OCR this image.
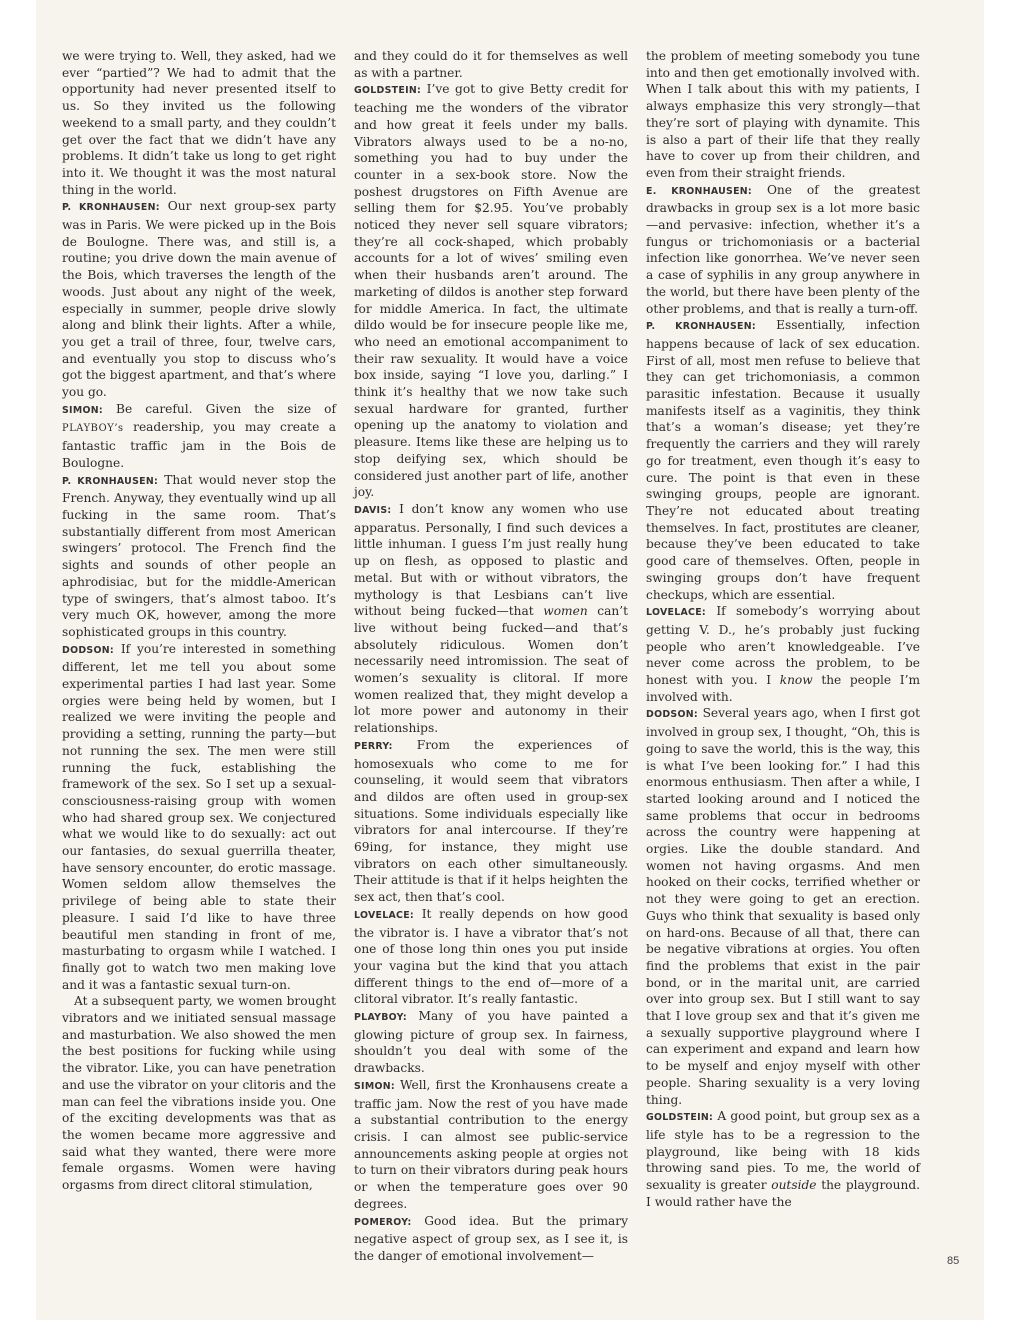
we were trying to. Well, they asked, had we ever “partied”? We had to admit that the opportunity had never presented itself to us. So they invited us the following weekend to a small party, and they couldn’t get over the fact that we didn’t have any problems. It didn’t take us long to get right into it. We thought it was the most natural thing in the world.

P. KRONHAUSEN: Our next group-sex party was in Paris. We were picked up in the Bois de Boulogne. There was, and still is, a routine; you drive down the main avenue of the Bois, which traverses the length of the woods. Just about any night of the week, especially in summer, people drive slowly along and blink their lights. After a while, you get a trail of three, four, twelve cars, and eventually you stop to discuss who’s got the biggest apartment, and that’s where you go.

SIMON: Be careful. Given the size of PLAYBOY’s readership, you may create a fantastic traffic jam in the Bois de Boulogne.

P. KRONHAUSEN: That would never stop the French. Anyway, they eventually wind up all fucking in the same room. That’s substantially different from most American swingers’ protocol. The French find the sights and sounds of other people an aphrodisiac, but for the middle-American type of swingers, that’s almost taboo. It’s very much OK, however, among the more sophisticated groups in this country.

DODSON: If you’re interested in something different, let me tell you about some experimental parties I had last year. Some orgies were being held by women, but I realized we were inviting the people and providing a setting, running the party—but not running the sex. The men were still running the fuck, establishing the framework of the sex. So I set up a sexual-consciousness-raising group with women who had shared group sex. We conjectured what we would like to do sexually: act out our fantasies, do sexual guerrilla theater, have sensory encounter, do erotic massage. Women seldom allow themselves the privilege of being able to state their pleasure. I said I’d like to have three beautiful men standing in front of me, masturbating to orgasm while I watched. I finally got to watch two men making love and it was a fantastic sexual turn-on.

At a subsequent party, we women brought vibrators and we initiated sensual massage and masturbation. We also showed the men the best positions for fucking while using the vibrator. Like, you can have penetration and use the vibrator on your clitoris and the man can feel the vibrations inside you. One of the exciting developments was that as the women became more aggressive and said what they wanted, there were more female orgasms. Women were having orgasms from direct clitoral stimulation,

and they could do it for themselves as well as with a partner.

GOLDSTEIN: I’ve got to give Betty credit for teaching me the wonders of the vibrator and how great it feels under my balls. Vibrators always used to be a no-no, something you had to buy under the counter in a sex-book store. Now the poshest drugstores on Fifth Avenue are selling them for $2.95. You’ve probably noticed they never sell square vibrators; they’re all cock-shaped, which probably accounts for a lot of wives’ smiling even when their husbands aren’t around. The marketing of dildos is another step forward for middle America. In fact, the ultimate dildo would be for insecure people like me, who need an emotional accompaniment to their raw sexuality. It would have a voice box inside, saying “I love you, darling.” I think it’s healthy that we now take such sexual hardware for granted, further opening up the anatomy to violation and pleasure. Items like these are helping us to stop deifying sex, which should be considered just another part of life, another joy.

DAVIS: I don’t know any women who use apparatus. Personally, I find such devices a little inhuman. I guess I’m just really hung up on flesh, as opposed to plastic and metal. But with or without vibrators, the mythology is that Lesbians can’t live without being fucked—that women can’t live without being fucked—and that’s absolutely ridiculous. Women don’t necessarily need intromission. The seat of women’s sexuality is clitoral. If more women realized that, they might develop a lot more power and autonomy in their relationships.

PERRY: From the experiences of homosexuals who come to me for counseling, it would seem that vibrators and dildos are often used in group-sex situations. Some individuals especially like vibrators for anal intercourse. If they’re 69ing, for instance, they might use vibrators on each other simultaneously. Their attitude is that if it helps heighten the sex act, then that’s cool.

LOVELACE: It really depends on how good the vibrator is. I have a vibrator that’s not one of those long thin ones you put inside your vagina but the kind that you attach different things to the end of—more of a clitoral vibrator. It’s really fantastic.

PLAYBOY: Many of you have painted a glowing picture of group sex. In fairness, shouldn’t you deal with some of the drawbacks.

SIMON: Well, first the Kronhausens create a traffic jam. Now the rest of you have made a substantial contribution to the energy crisis. I can almost see public-service announcements asking people at orgies not to turn on their vibrators during peak hours or when the temperature goes over 90 degrees.

POMEROY: Good idea. But the primary negative aspect of group sex, as I see it, is the danger of emotional involvement—

the problem of meeting somebody you tune into and then get emotionally involved with. When I talk about this with my patients, I always emphasize this very strongly—that they’re sort of playing with dynamite. This is also a part of their life that they really have to cover up from their children, and even from their straight friends.

E. KRONHAUSEN: One of the greatest drawbacks in group sex is a lot more basic—and pervasive: infection, whether it’s a fungus or trichomoniasis or a bacterial infection like gonorrhea. We’ve never seen a case of syphilis in any group anywhere in the world, but there have been plenty of the other problems, and that is really a turn-off.

P. KRONHAUSEN: Essentially, infection happens because of lack of sex education. First of all, most men refuse to believe that they can get trichomoniasis, a common parasitic infestation. Because it usually manifests itself as a vaginitis, they think that’s a woman’s disease; yet they’re frequently the carriers and they will rarely go for treatment, even though it’s easy to cure. The point is that even in these swinging groups, people are ignorant. They’re not educated about treating themselves. In fact, prostitutes are cleaner, because they’ve been educated to take good care of themselves. Often, people in swinging groups don’t have frequent checkups, which are essential.

LOVELACE: If somebody’s worrying about getting V. D., he’s probably just fucking people who aren’t knowledgeable. I’ve never come across the problem, to be honest with you. I know the people I’m involved with.

DODSON: Several years ago, when I first got involved in group sex, I thought, “Oh, this is going to save the world, this is the way, this is what I’ve been looking for.” I had this enormous enthusiasm. Then after a while, I started looking around and I noticed the same problems that occur in bedrooms across the country were happening at orgies. Like the double standard. And women not having orgasms. And men hooked on their cocks, terrified whether or not they were going to get an erection. Guys who think that sexuality is based only on hard-ons. Because of all that, there can be negative vibrations at orgies. You often find the problems that exist in the pair bond, or in the marital unit, are carried over into group sex. But I still want to say that I love group sex and that it’s given me a sexually supportive playground where I can experiment and expand and learn how to be myself and enjoy myself with other people. Sharing sexuality is a very loving thing.

GOLDSTEIN: A good point, but group sex as a life style has to be a regression to the playground, like being with 18 kids throwing sand pies. To me, the world of sexuality is greater outside the playground. I would rather have the

85
